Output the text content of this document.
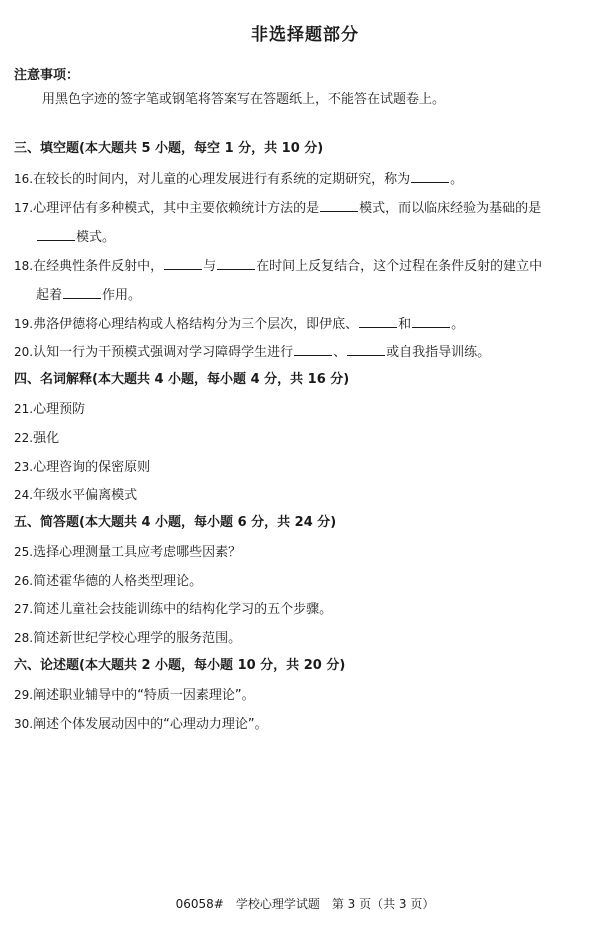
非选择题部分
注意事项：
用黑色字迹的签字笔或钢笔将答案写在答题纸上，不能答在试题卷上。
三、填空题(本大题共 5 小题，每空 1 分，共 10 分)
16.在较长的时间内，对儿童的心理发展进行有系统的定期研究，称为	。
17.心理评估有多种模式，其中主要依赖统计方法的是	模式，而以临床经验为基础的是
模式。
18.在经典性条件反射中，	与	在时间上反复结合，这个过程在条件反射的建立中
起着	作用。
19.弗洛伊德将心理结构或人格结构分为三个层次，即伊底、	和	。
20.认知一行为干预模式强调对学习障碍学生进行	、	或自我指导训练。
四、名词解释(本大题共 4 小题，每小题 4 分，共 16 分)
21.心理预防
22.强化
23.心理咨询的保密原则
24.年级水平偏离模式
五、简答题(本大题共 4 小题，每小题 6 分，共 24 分)
25.选择心理测量工具应考虑哪些因素？
26.简述霍华德的人格类型理论。
27.简述儿童社会技能训练中的结构化学习的五个步骤。
28.简述新世纪学校心理学的服务范围。
六、论述题(本大题共 2 小题，每小题 10 分，共 20 分)
29.阐述职业辅导中的“特质一因素理论”。
30.阐述个体发展动因中的“心理动力理论”。
06058#　学校心理学试题　第 3 页（共 3 页）
